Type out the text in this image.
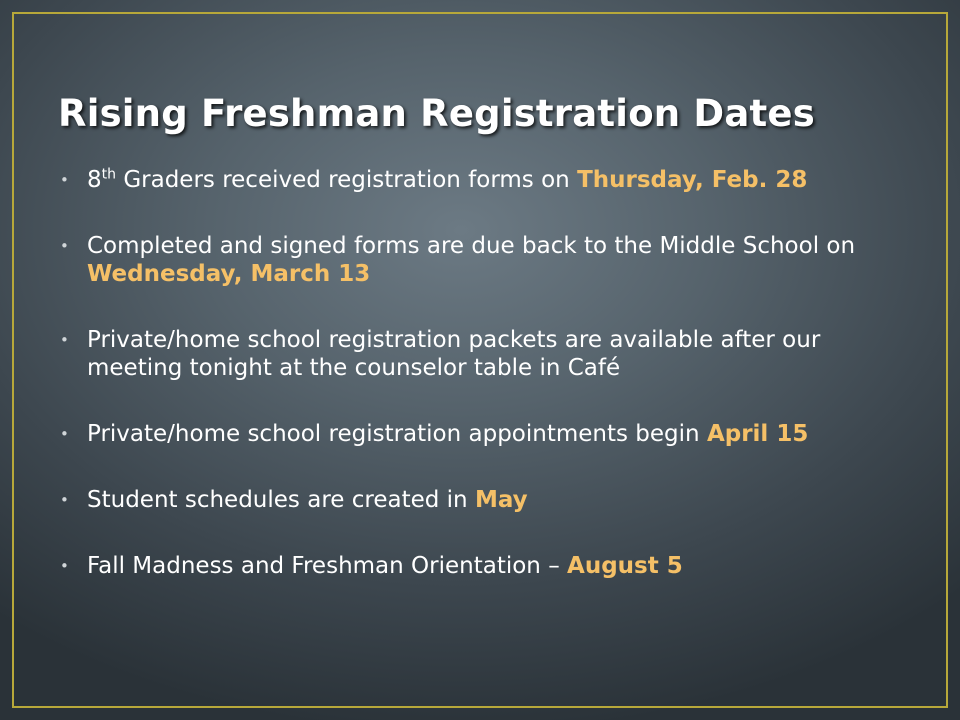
Rising Freshman Registration Dates
• 8th Graders received registration forms on Thursday, Feb. 28
• Completed and signed forms are due back to the Middle School on Wednesday, March 13
• Private/home school registration packets are available after our meeting tonight at the counselor table in Café
• Private/home school registration appointments begin April 15
• Student schedules are created in May
• Fall Madness and Freshman Orientation – August 5
